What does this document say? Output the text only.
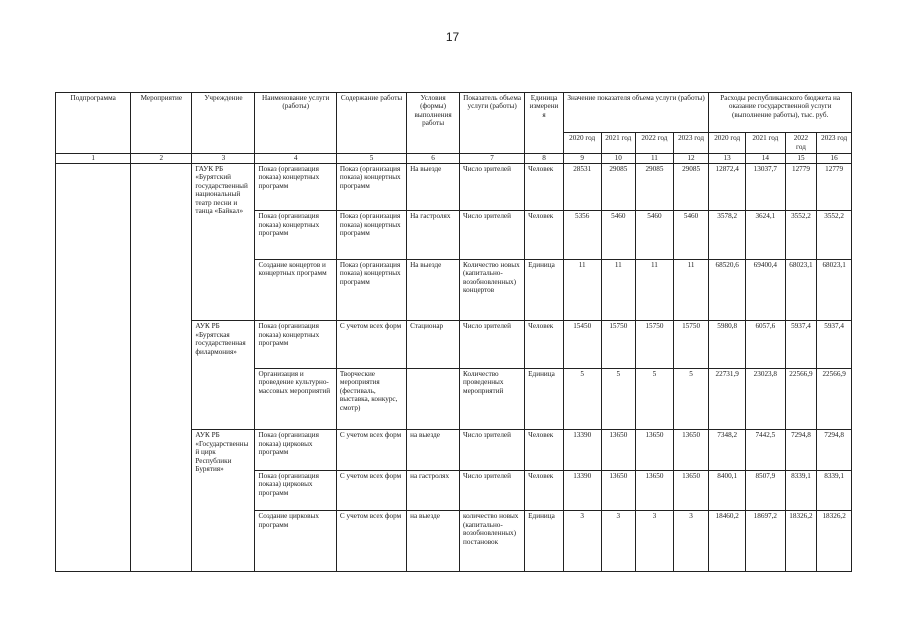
17
Подпрограмма	Мероприятие	Учреждение	Наименование услуги (работы)	Содержание работы	Условия (формы) выполнения работы	Показатель объема услуги (работы)	Единица измерения	Значение показателя объема услуги (работы)				Расходы республиканского бюджета на оказание государственной услуги (выполнение работы), тыс. руб.			
								2020 год	2021 год	2022 год	2023 год	2020 год	2021 год	2022 год	2023 год
1	2	3	4	5	6	7	8	9	10	11	12	13	14	15	16
		ГАУК РБ «Бурятский государственный национальный театр песни и танца «Байкал»	Показ (организация показа) концертных программ	Показ (организация показа) концертных программ	На выезде	Число зрителей	Человек	28531	29085	29085	29085	12872,4	13037,7	12779	12779
			Показ (организация показа) концертных программ	Показ (организация показа) концертных программ	На гастролях	Число зрителей	Человек	5356	5460	5460	5460	3578,2	3624,1	3552,2	3552,2
			Создание концертов и концертных программ	Показ (организация показа) концертных программ	На выезде	Количество новых (капитально-возобновленных) концертов	Единица	11	11	11	11	68520,6	69400,4	68023,1	68023,1
		АУК РБ «Бурятская государственная филармония»	Показ (организация показа) концертных программ	С учетом всех форм	Стационар	Число зрителей	Человек	15450	15750	15750	15750	5980,8	6057,6	5937,4	5937,4
			Организация и проведение культурно-массовых мероприятий	Творческие мероприятия (фестиваль, выставка, конкурс, смотр)		Количество проведенных мероприятий	Единица	5	5	5	5	22731,9	23023,8	22566,9	22566,9
		АУК РБ «Государственный цирк Республики Бурятия»	Показ (организация показа) цирковых программ	С учетом всех форм	на выезде	Число зрителей	Человек	13390	13650	13650	13650	7348,2	7442,5	7294,8	7294,8
			Показ (организация показа) цирковых программ	С учетом всех форм	на гастролях	Число зрителей	Человек	13390	13650	13650	13650	8400,1	8507,9	8339,1	8339,1
			Создание цирковых программ	С учетом всех форм	на выезде	количество новых (капитально-возобновленных) постановок	Единица	3	3	3	3	18460,2	18697,2	18326,2	18326,2
